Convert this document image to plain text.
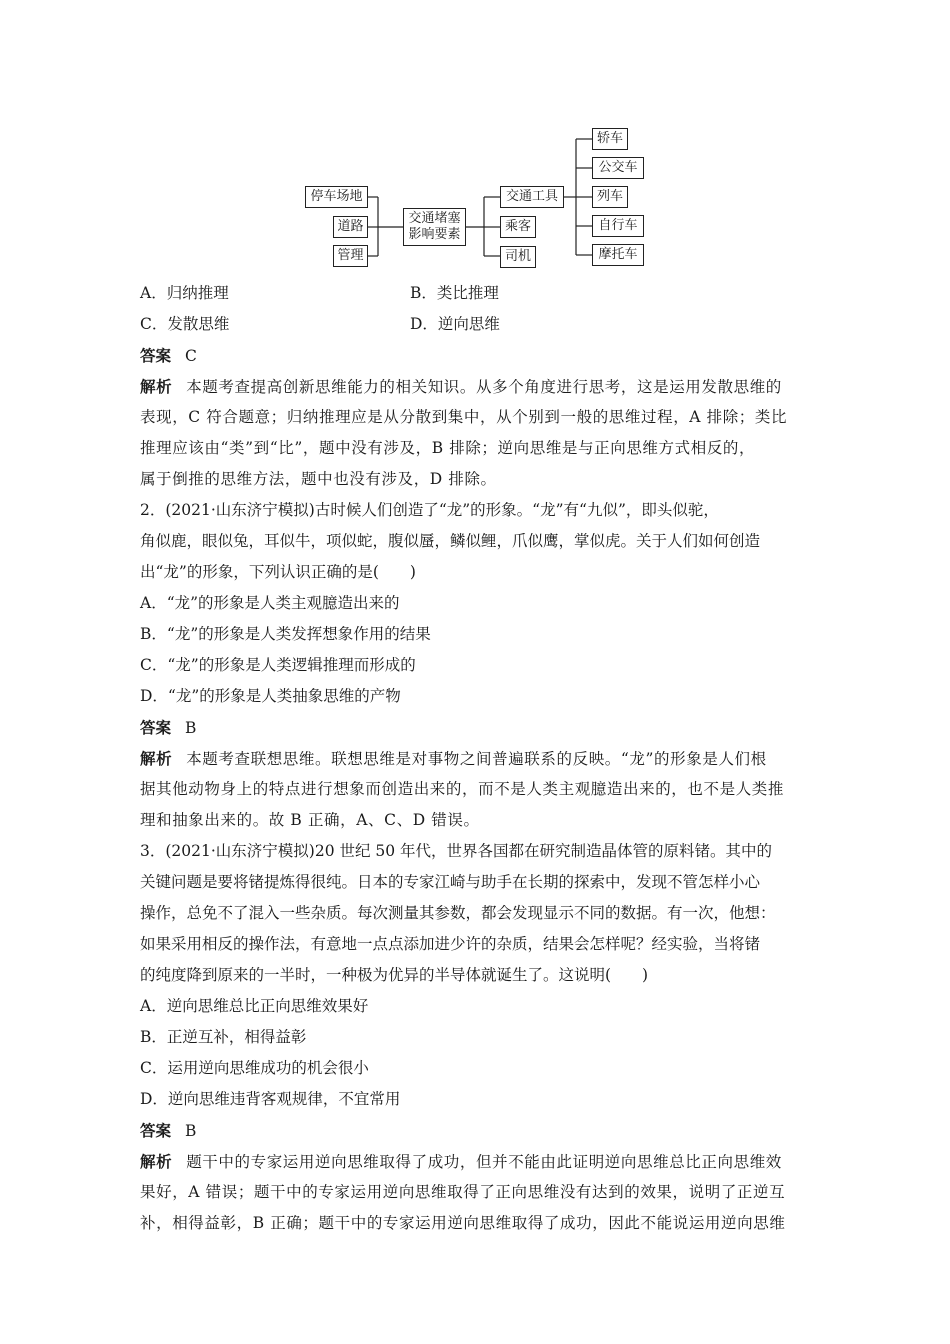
停车场地
道路
管理
交通堵塞
影响要素
交通工具
乘客
司机
轿车
公交车
列车
自行车
摩托车
A．归纳推理	B．类比推理
C．发散思维	D．逆向思维
答案 C
解析 本题考查提高创新思维能力的相关知识。从多个角度进行思考，这是运用发散思维的
表现，C 符合题意；归纳推理应是从分散到集中，从个别到一般的思维过程，A 排除；类比
推理应该由“类”到“比”，题中没有涉及，B 排除；逆向思维是与正向思维方式相反的，
属于倒推的思维方法，题中也没有涉及，D 排除。
2．(2021·山东济宁模拟)古时候人们创造了“龙”的形象。“龙”有“九似”，即头似驼，
角似鹿，眼似兔，耳似牛，项似蛇，腹似蜃，鳞似鲤，爪似鹰，掌似虎。关于人们如何创造
出“龙”的形象，下列认识正确的是(　　)
A．“龙”的形象是人类主观臆造出来的
B．“龙”的形象是人类发挥想象作用的结果
C．“龙”的形象是人类逻辑推理而形成的
D．“龙”的形象是人类抽象思维的产物
答案 B
解析 本题考查联想思维。联想思维是对事物之间普遍联系的反映。“龙”的形象是人们根
据其他动物身上的特点进行想象而创造出来的，而不是人类主观臆造出来的，也不是人类推
理和抽象出来的。故 B 正确，A、C、D 错误。
3．(2021·山东济宁模拟)20 世纪 50 年代，世界各国都在研究制造晶体管的原料锗。其中的
关键问题是要将锗提炼得很纯。日本的专家江崎与助手在长期的探索中，发现不管怎样小心
操作，总免不了混入一些杂质。每次测量其参数，都会发现显示不同的数据。有一次，他想：
如果采用相反的操作法，有意地一点点添加进少许的杂质，结果会怎样呢？经实验，当将锗
的纯度降到原来的一半时，一种极为优异的半导体就诞生了。这说明(　　)
A．逆向思维总比正向思维效果好
B．正逆互补，相得益彰
C．运用逆向思维成功的机会很小
D．逆向思维违背客观规律，不宜常用
答案 B
解析 题干中的专家运用逆向思维取得了成功，但并不能由此证明逆向思维总比正向思维效
果好，A 错误；题干中的专家运用逆向思维取得了正向思维没有达到的效果，说明了正逆互
补，相得益彰，B 正确；题干中的专家运用逆向思维取得了成功，因此不能说运用逆向思维
